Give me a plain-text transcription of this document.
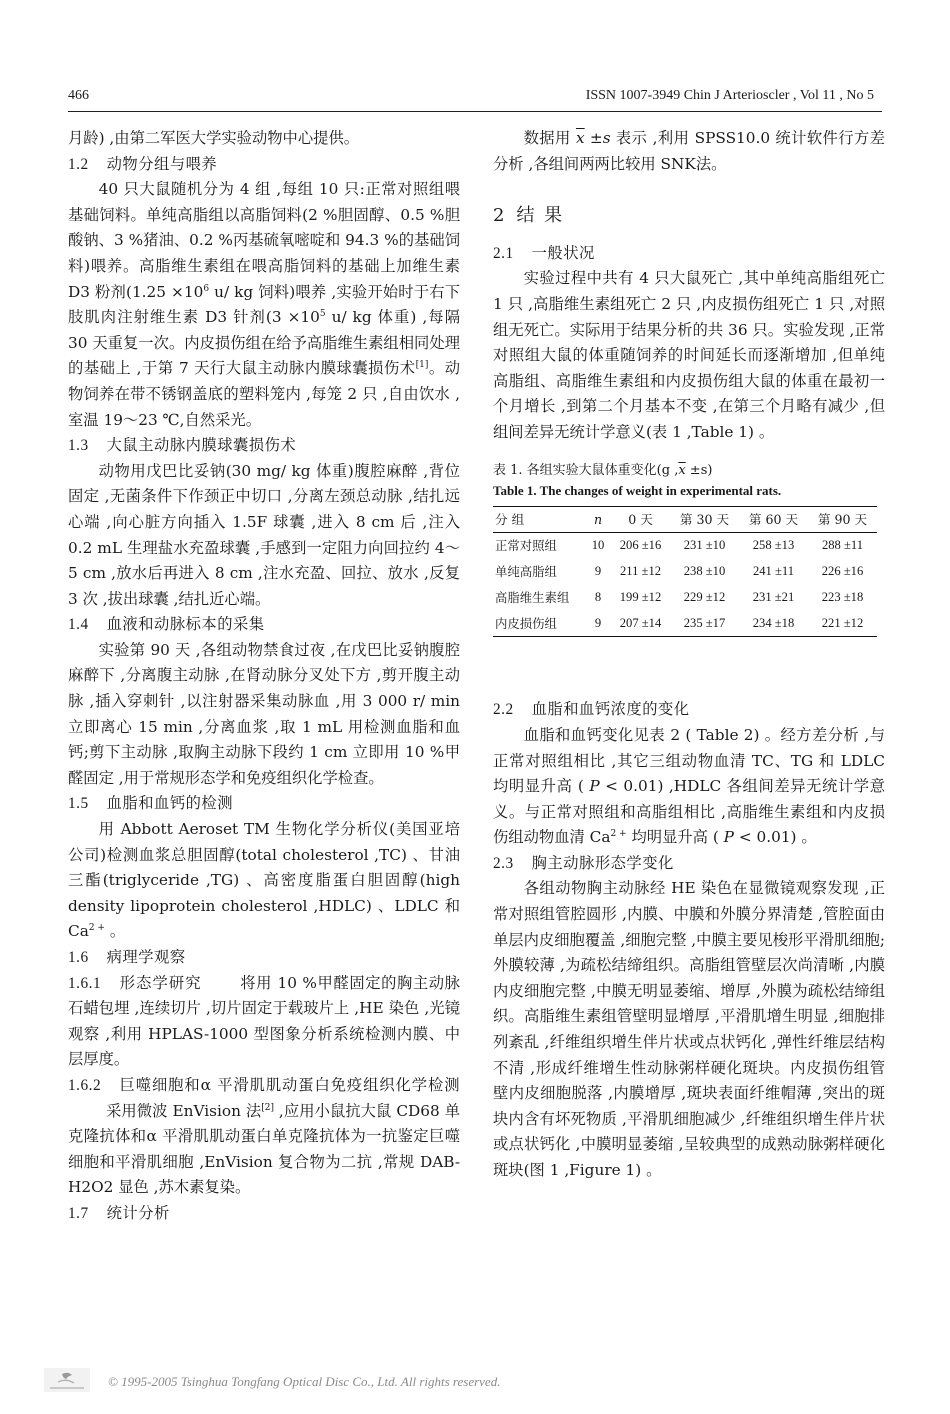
466	ISSN 1007-3949 Chin J Arterioscler , Vol 11 , No 5
月龄) ,由第二军医大学实验动物中心提供。
1.2 动物分组与喂养
40 只大鼠随机分为 4 组 ,每组 10 只:正常对照组喂基础饲料。单纯高脂组以高脂饲料(2 %胆固醇、0.5 %胆酸钠、3 %猪油、0.2 %丙基硫氧嘧啶和 94.3 %的基础饲料)喂养。高脂维生素组在喂高脂饲料的基础上加维生素 D3 粉剂($1.25 \times 10^6$ u/ kg 饲料)喂养 ,实验开始时于右下肢肌肉注射维生素 D3 针剂($3 \times 10^5$ u/ kg 体重) ,每隔 30 天重复一次。内皮损伤组在给予高脂维生素组相同处理的基础上 ,于第 7 天行大鼠主动脉内膜球囊损伤术[1]。动物饲养在带不锈钢盖底的塑料笼内 ,每笼 2 只 ,自由饮水 ,室温 19～23 ℃,自然采光。
1.3 大鼠主动脉内膜球囊损伤术
动物用戊巴比妥钠(30 mg/ kg 体重)腹腔麻醉 ,背位固定 ,无菌条件下作颈正中切口 ,分离左颈总动脉 ,结扎远心端 ,向心脏方向插入 1.5F 球囊 ,进入 8 cm 后 ,注入 0.2 mL 生理盐水充盈球囊 ,手感到一定阻力向回拉约 4～5 cm ,放水后再进入 8 cm ,注水充盈、回拉、放水 ,反复 3 次 ,拔出球囊 ,结扎近心端。
1.4 血液和动脉标本的采集
实验第 90 天 ,各组动物禁食过夜 ,在戊巴比妥钠腹腔麻醉下 ,分离腹主动脉 ,在肾动脉分叉处下方 ,剪开腹主动脉 ,插入穿刺针 ,以注射器采集动脉血 ,用 3 000 r/ min 立即离心 15 min ,分离血浆 ,取 1 mL 用检测血脂和血钙;剪下主动脉 ,取胸主动脉下段约 1 cm 立即用 10 %甲醛固定 ,用于常规形态学和免疫组织化学检查。
1.5 血脂和血钙的检测
用 Abbott Aeroset TM 生物化学分析仪(美国亚培公司)检测血浆总胆固醇(total cholesterol ,TC) 、甘油三酯(triglyceride ,TG) 、高密度脂蛋白胆固醇(high density lipoprotein cholesterol ,HDLC) 、LDLC 和 $Ca^{2 +}$ 。
1.6 病理学观察
1.6.1 形态学研究 将用 10 %甲醛固定的胸主动脉石蜡包埋 ,连续切片 ,切片固定于载玻片上 ,HE 染色 ,光镜观察 ,利用 HPLAS-1000 型图象分析系统检测内膜、中层厚度。
1.6.2 巨噬细胞和α 平滑肌肌动蛋白免疫组织化学检测采用微波 EnVision 法[2] ,应用小鼠抗大鼠 CD68 单克隆抗体和α 平滑肌肌动蛋白单克隆抗体为一抗鉴定巨噬细胞和平滑肌细胞 ,EnVision 复合物为二抗 ,常规 DAB-H2O2 显色 ,苏木素复染。
1.7 统计分析
数据用 $\overline{x} \pm s$ 表示 ,利用 SPSS10.0 统计软件行方差分析 ,各组间两两比较用 SNK法。
2 结 果
2.1 一般状况
实验过程中共有 4 只大鼠死亡 ,其中单纯高脂组死亡 1 只 ,高脂维生素组死亡 2 只 ,内皮损伤组死亡 1 只 ,对照组无死亡。实际用于结果分析的共 36 只。实验发现 ,正常对照组大鼠的体重随饲养的时间延长而逐渐增加 ,但单纯高脂组、高脂维生素组和内皮损伤组大鼠的体重在最初一个月增长 ,到第二个月基本不变 ,在第三个月略有减少 ,但组间差异无统计学意义(表 1 ,Table 1) 。
表 1. 各组实验大鼠体重变化(g $,\overline{x} \pm s$)
Table 1. The changes of weight in experimental rats.
分 组	n	0 天	第 30 天	第 60 天	第 90 天
正常对照组	10	206 ±16	231 ±10	258 ±13	288 ±11
单纯高脂组	9	211 ±12	238 ±10	241 ±11	226 ±16
高脂维生素组	8	199 ±12	229 ±12	231 ±21	223 ±18
内皮损伤组	9	207 ±14	235 ±17	234 ±18	221 ±12
2.2 血脂和血钙浓度的变化
血脂和血钙变化见表 2 ( Table 2) 。经方差分析 ,与正常对照组相比 ,其它三组动物血清 TC、TG 和 LDLC 均明显升高 ( P < 0.01) ,HDLC 各组间差异无统计学意义。与正常对照组和高脂组相比 ,高脂维生素组和内皮损伤组动物血清 $Ca^{2 +}$ 均明显升高 ( P < 0.01) 。
2.3 胸主动脉形态学变化
各组动物胸主动脉经 HE 染色在显微镜观察发现 ,正常对照组管腔圆形 ,内膜、中膜和外膜分界清楚 ,管腔面由单层内皮细胞覆盖 ,细胞完整 ,中膜主要见梭形平滑肌细胞;外膜较薄 ,为疏松结缔组织。高脂组管壁层次尚清晰 ,内膜内皮细胞完整 ,中膜无明显萎缩、增厚 ,外膜为疏松结缔组织。高脂维生素组管壁明显增厚 ,平滑肌增生明显 ,细胞排列紊乱 ,纤维组织增生伴片状或点状钙化 ,弹性纤维层结构不清 ,形成纤维增生性动脉粥样硬化斑块。内皮损伤组管壁内皮细胞脱落 ,内膜增厚 ,斑块表面纤维帽薄 ,突出的斑块内含有坏死物质 ,平滑肌细胞减少 ,纤维组织增生伴片状或点状钙化 ,中膜明显萎缩 ,呈较典型的成熟动脉粥样硬化斑块(图 1 ,Figure 1) 。
© 1995-2005 Tsinghua Tongfang Optical Disc Co., Ltd. All rights reserved.
